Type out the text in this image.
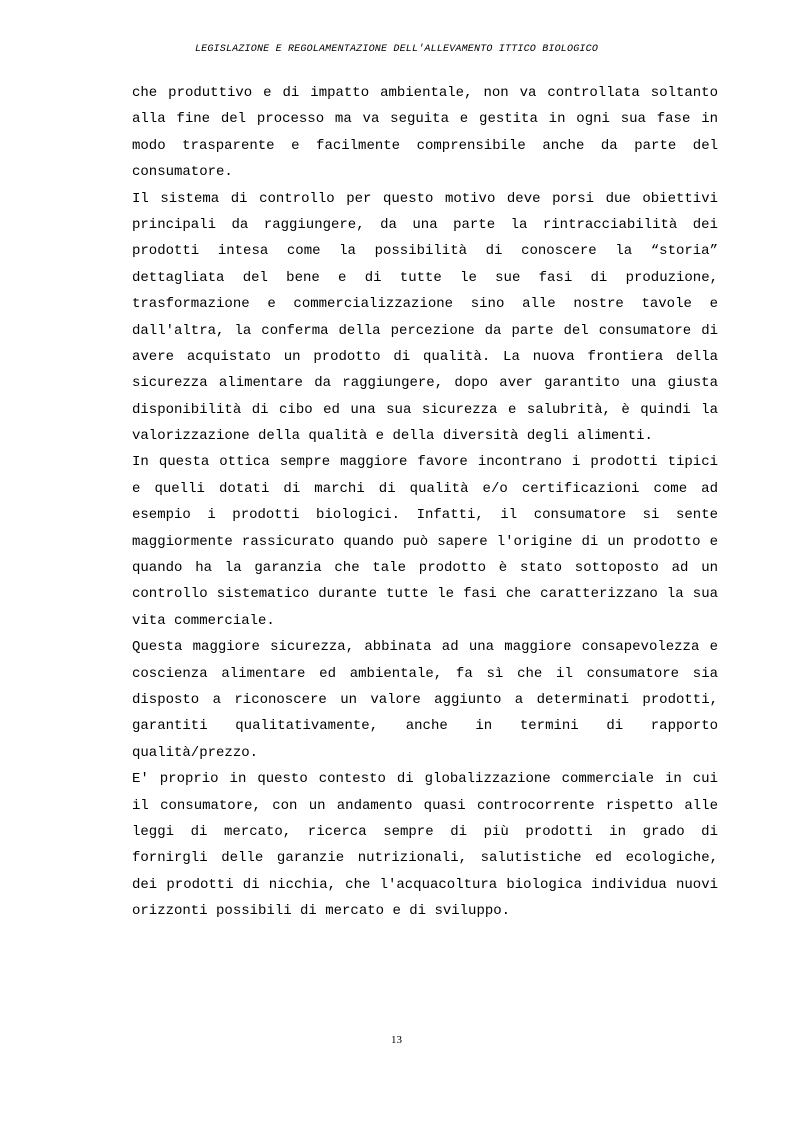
LEGISLAZIONE E REGOLAMENTAZIONE DELL'ALLEVAMENTO ITTICO BIOLOGICO

che produttivo e di impatto ambientale, non va controllata soltanto
alla fine del processo ma va seguita e gestita in ogni sua fase in
modo trasparente e facilmente comprensibile anche da parte del
consumatore.

Il sistema di controllo per questo motivo deve porsi due obiettivi
principali da raggiungere, da una parte la rintracciabilità dei
prodotti intesa come la possibilità di conoscere la “storia”
dettagliata del bene e di tutte le sue fasi di produzione,
trasformazione e commercializzazione sino alle nostre tavole e
dall'altra, la conferma della percezione da parte del consumatore di
avere acquistato un prodotto di qualità. La nuova frontiera della
sicurezza alimentare da raggiungere, dopo aver garantito una giusta
disponibilità di cibo ed una sua sicurezza e salubrità, è quindi la
valorizzazione della qualità e della diversità degli alimenti.

In questa ottica sempre maggiore favore incontrano i prodotti tipici
e quelli dotati di marchi di qualità e/o certificazioni come ad
esempio i prodotti biologici. Infatti, il consumatore si sente
maggiormente rassicurato quando può sapere l'origine di un prodotto e
quando ha la garanzia che tale prodotto è stato sottoposto ad un
controllo sistematico durante tutte le fasi che caratterizzano la sua
vita commerciale.

Questa maggiore sicurezza, abbinata ad una maggiore consapevolezza e
coscienza alimentare ed ambientale, fa sì che il consumatore sia
disposto a riconoscere un valore aggiunto a determinati prodotti,
garantiti qualitativamente, anche in termini di rapporto
qualità/prezzo.

E' proprio in questo contesto di globalizzazione commerciale in cui
il consumatore, con un andamento quasi controcorrente rispetto alle
leggi di mercato, ricerca sempre di più prodotti in grado di
fornirgli delle garanzie nutrizionali, salutistiche ed ecologiche,
dei prodotti di nicchia, che l'acquacoltura biologica individua nuovi
orizzonti possibili di mercato e di sviluppo.

13
